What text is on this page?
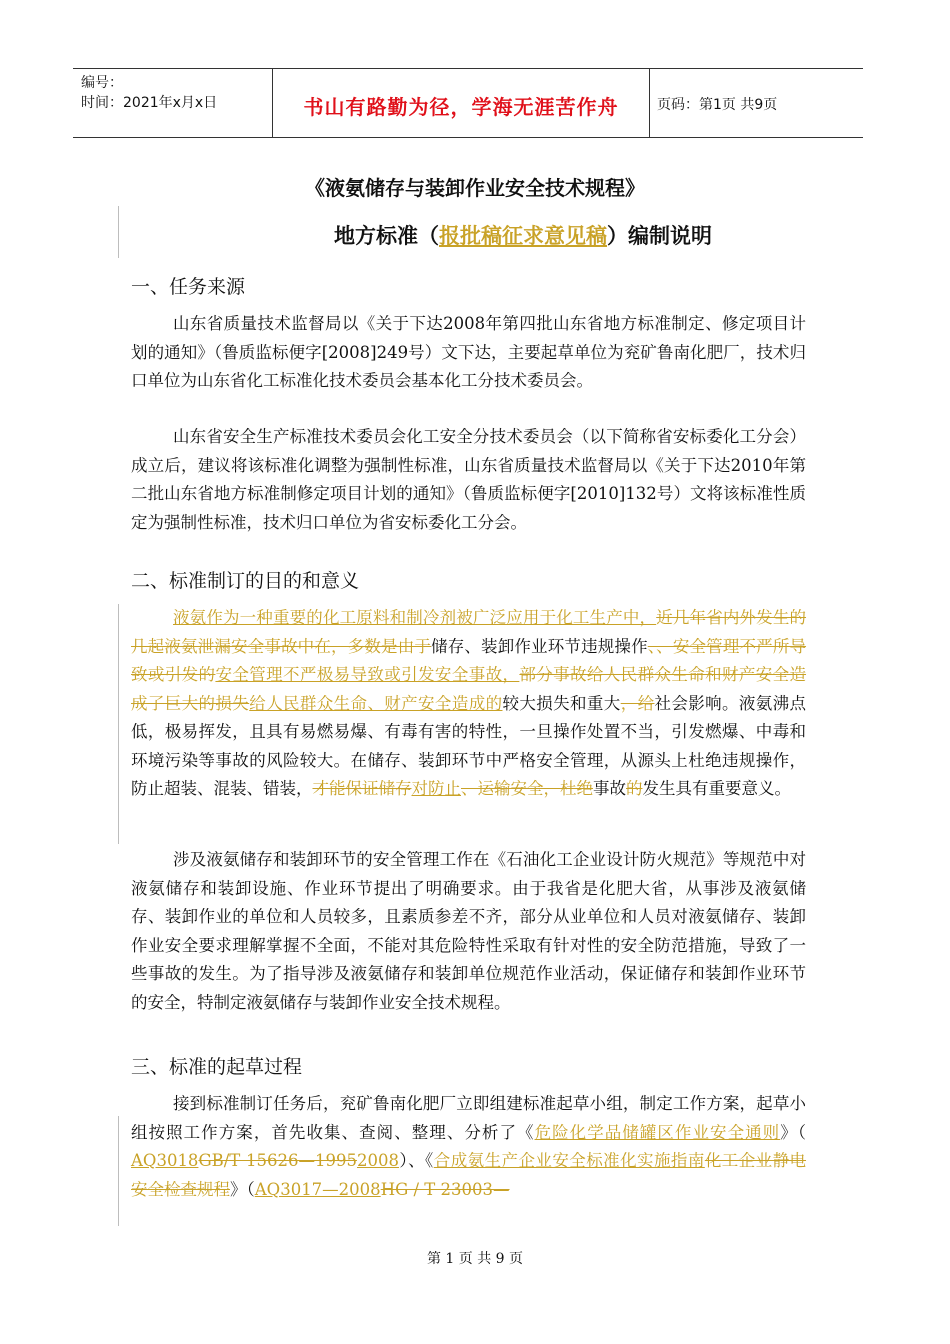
编号：
时间：2021年x月x日	书山有路勤为径，学海无涯苦作舟	页码：第1页 共9页
《液氨储存与装卸作业安全技术规程》
地方标准（报批稿征求意见稿）编制说明
一、任务来源
山东省质量技术监督局以《关于下达2008年第四批山东省地方标准制定、修定项目计划的通知》（鲁质监标便字[2008]249号）文下达，主要起草单位为兖矿鲁南化肥厂，技术归口单位为山东省化工标准化技术委员会基本化工分技术委员会。
山东省安全生产标准技术委员会化工安全分技术委员会（以下简称省安标委化工分会）成立后，建议将该标准化调整为强制性标准，山东省质量技术监督局以《关于下达2010年第二批山东省地方标准制修定项目计划的通知》（鲁质监标便字[2010]132号）文将该标准性质定为强制性标准，技术归口单位为省安标委化工分会。
二、标准制订的目的和意义
液氨作为一种重要的化工原料和制冷剂被广泛应用于化工生产中，近几年省内外发生的几起液氨泄漏安全事故中在，多数是由于储存、装卸作业环节违规操作、、安全管理不严所导致或引发的安全管理不严极易导致或引发安全事故，部分事故给人民群众生命和财产安全造成了巨大的损失给人民群众生命、财产安全造成的较大损失和重大，给社会影响。液氨沸点低，极易挥发，且具有易燃易爆、有毒有害的特性，一旦操作处置不当，引发燃爆、中毒和环境污染等事故的风险较大。在储存、装卸环节中严格安全管理，从源头上杜绝违规操作，防止超装、混装、错装，才能保证储存对防止、运输安全，杜绝事故的发生具有重要意义。
涉及液氨储存和装卸环节的安全管理工作在《石油化工企业设计防火规范》等规范中对液氨储存和装卸设施、作业环节提出了明确要求。由于我省是化肥大省，从事涉及液氨储存、装卸作业的单位和人员较多，且素质参差不齐，部分从业单位和人员对液氨储存、装卸作业安全要求理解掌握不全面，不能对其危险特性采取有针对性的安全防范措施，导致了一些事故的发生。为了指导涉及液氨储存和装卸单位规范作业活动，保证储存和装卸作业环节的安全，特制定液氨储存与装卸作业安全技术规程。
三、标准的起草过程
接到标准制订任务后，兖矿鲁南化肥厂立即组建标准起草小组，制定工作方案，起草小组按照工作方案，首先收集、查阅、整理、分析了《危险化学品储罐区作业安全通则》（ AQ3018GB/T 15626—19952008）、《合成氨生产企业安全标准化实施指南化工企业静电安全检查规程》（AQ3017—2008HG / T 23003—
第 1 页 共 9 页
